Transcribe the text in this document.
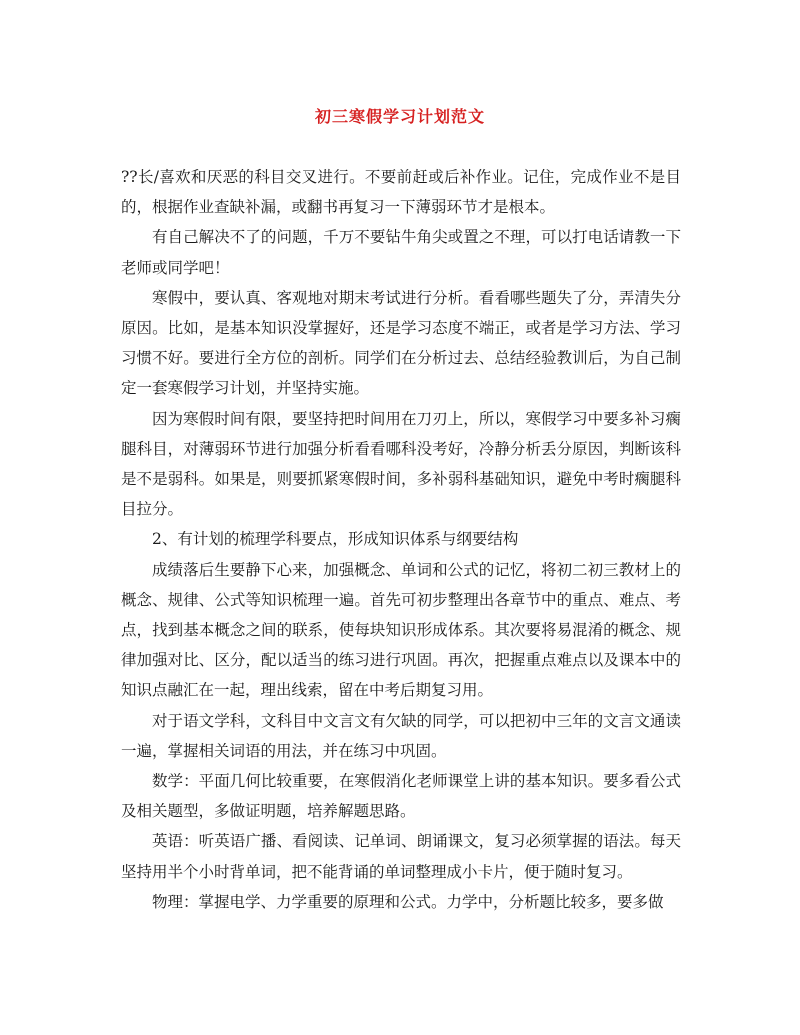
初三寒假学习计划范文

??长/喜欢和厌恶的科目交叉进行。不要前赶或后补作业。记住，完成作业不是目的，根据作业查缺补漏，或翻书再复习一下薄弱环节才是根本。

有自己解决不了的问题，千万不要钻牛角尖或置之不理，可以打电话请教一下老师或同学吧！

寒假中，要认真、客观地对期末考试进行分析。看看哪些题失了分，弄清失分原因。比如，是基本知识没掌握好，还是学习态度不端正，或者是学习方法、学习习惯不好。要进行全方位的剖析。同学们在分析过去、总结经验教训后，为自己制定一套寒假学习计划，并坚持实施。

因为寒假时间有限，要坚持把时间用在刀刃上，所以，寒假学习中要多补习瘸腿科目，对薄弱环节进行加强分析看看哪科没考好，冷静分析丢分原因，判断该科是不是弱科。如果是，则要抓紧寒假时间，多补弱科基础知识，避免中考时瘸腿科目拉分。

2、有计划的梳理学科要点，形成知识体系与纲要结构

成绩落后生要静下心来，加强概念、单词和公式的记忆，将初二初三教材上的概念、规律、公式等知识梳理一遍。首先可初步整理出各章节中的重点、难点、考 点，找到基本概念之间的联系，使每块知识形成体系。其次要将易混淆的概念、规律加强对比、区分，配以适当的练习进行巩固。再次，把握重点难点以及课本中的 知识点融汇在一起，理出线索，留在中考后期复习用。

对于语文学科，文科目中文言文有欠缺的同学，可以把初中三年的文言文通读一遍，掌握相关词语的用法，并在练习中巩固。

数学：平面几何比较重要，在寒假消化老师课堂上讲的基本知识。要多看公式及相关题型，多做证明题，培养解题思路。

英语：听英语广播、看阅读、记单词、朗诵课文，复习必须掌握的语法。每天坚持用半个小时背单词，把不能背诵的单词整理成小卡片，便于随时复习。

物理：掌握电学、力学重要的原理和公式。力学中，分析题比较多，要多做
